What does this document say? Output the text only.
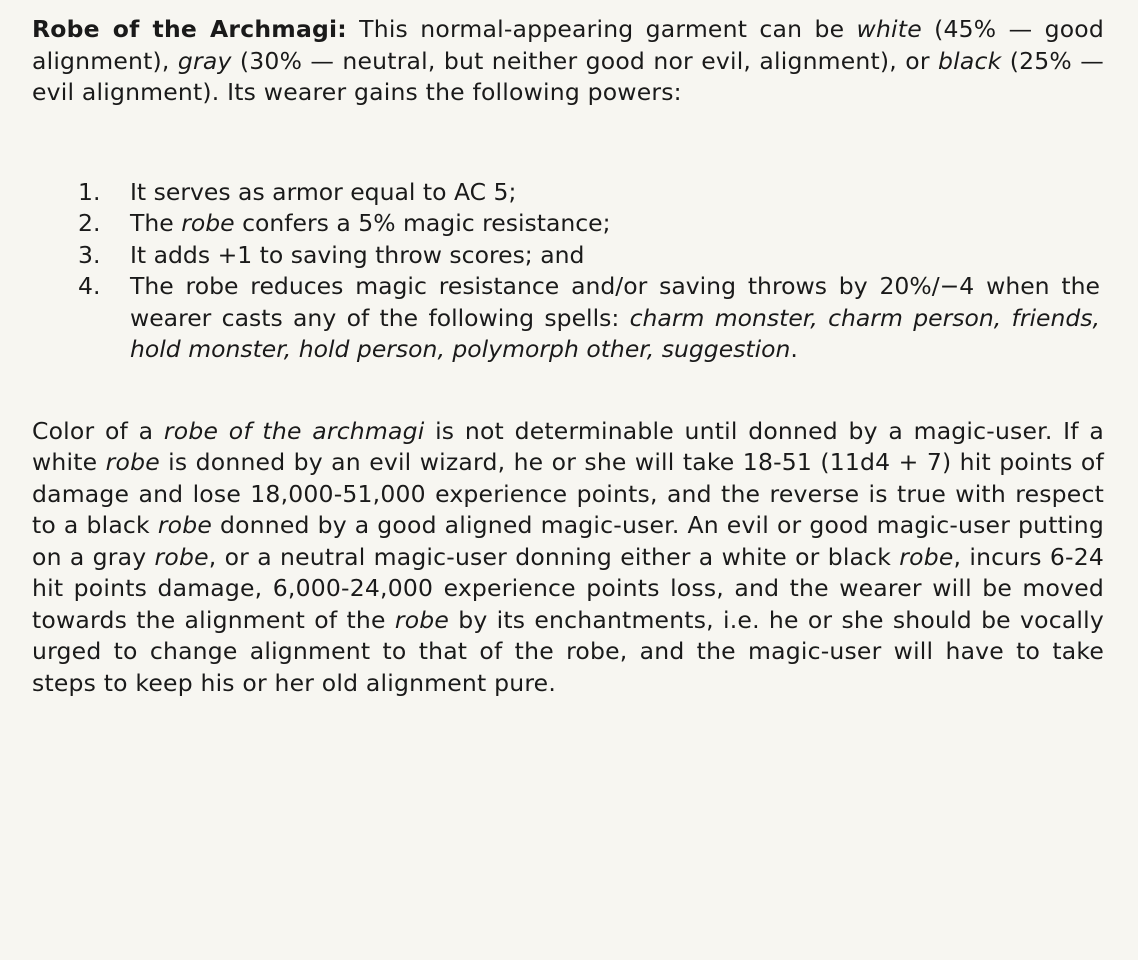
Robe of the Archmagi: This normal-appearing garment can be white (45% — good alignment), gray (30% — neutral, but neither good nor evil, alignment), or black (25% — evil alignment). Its wearer gains the following powers:

1.	It serves as armor equal to AC 5;
2.	The robe confers a 5% magic resistance;
3.	It adds +1 to saving throw scores; and
4.	The robe reduces magic resistance and/or saving throws by 20%/−4 when the wearer casts any of the following spells: charm monster, charm person, friends, hold monster, hold person, polymorph other, suggestion.

Color of a robe of the archmagi is not determinable until donned by a magic-user. If a white robe is donned by an evil wizard, he or she will take 18-51 (11d4 + 7) hit points of damage and lose 18,000-51,000 experience points, and the reverse is true with respect to a black robe donned by a good aligned magic-user. An evil or good magic-user putting on a gray robe, or a neutral magic-user donning either a white or black robe, incurs 6-24 hit points damage, 6,000-24,000 experience points loss, and the wearer will be moved towards the alignment of the robe by its enchantments, i.e. he or she should be vocally urged to change alignment to that of the robe, and the magic-user will have to take steps to keep his or her old alignment pure.
